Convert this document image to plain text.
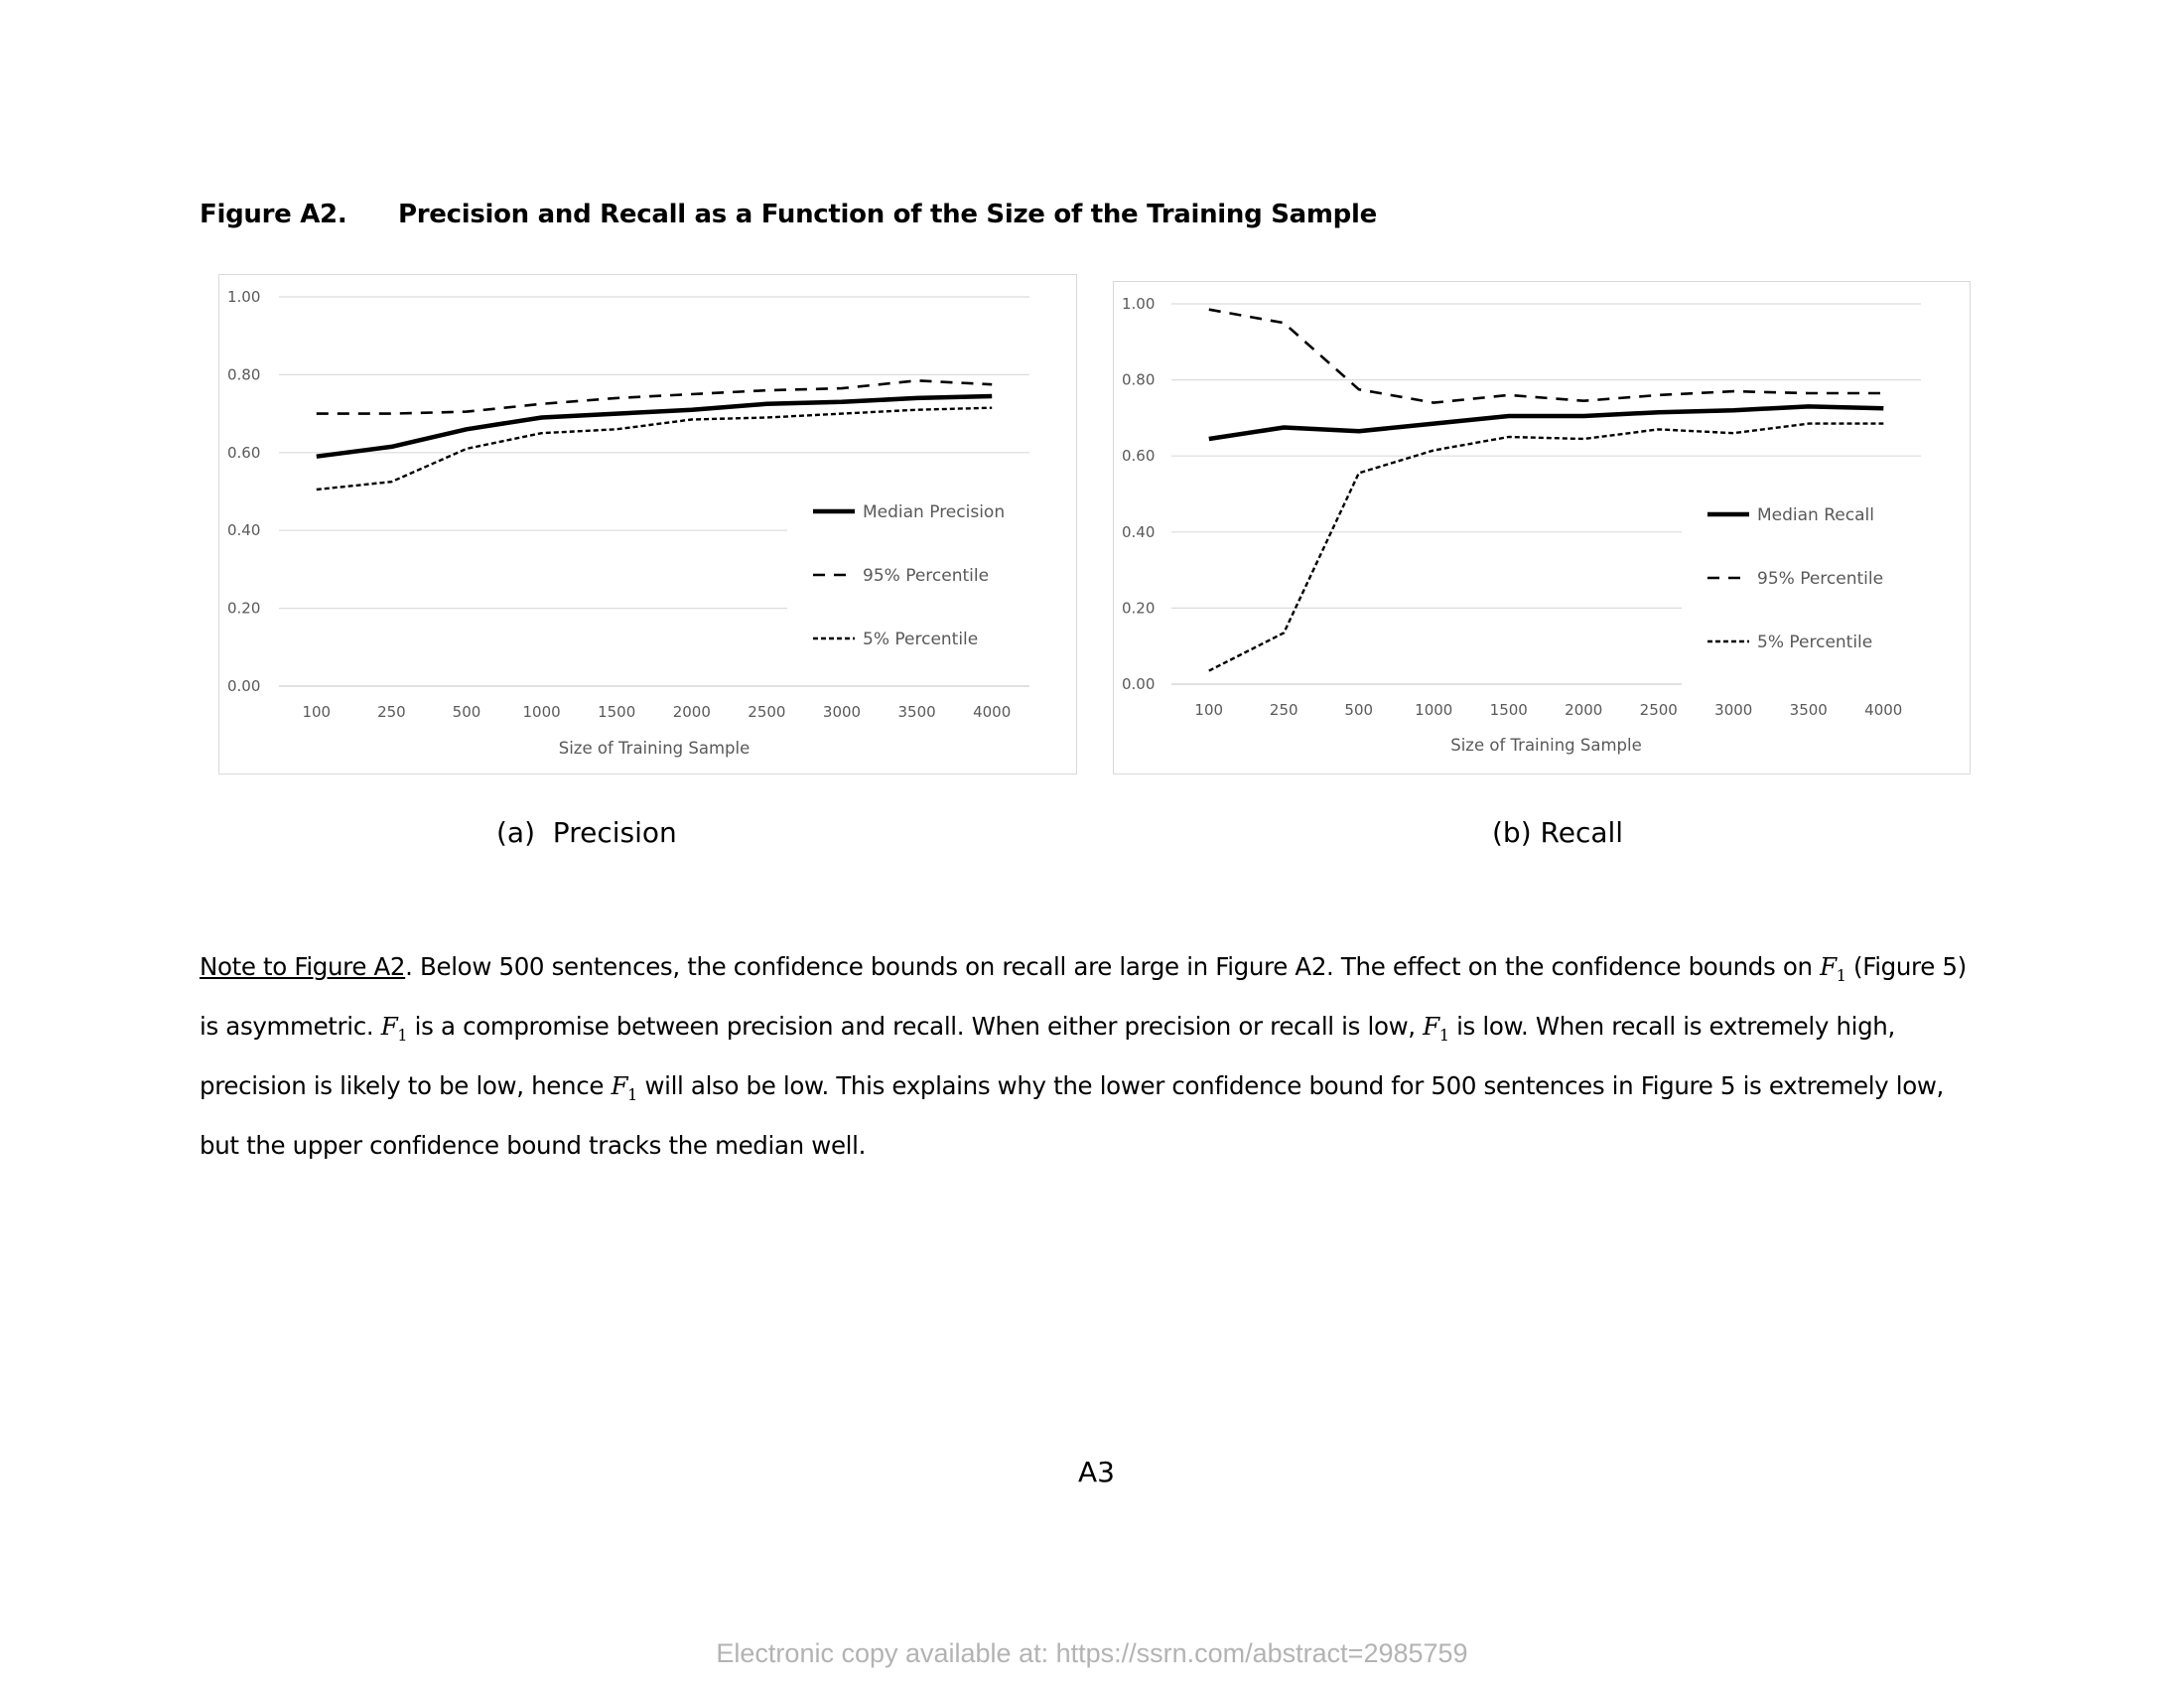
Figure A2. Precision and Recall as a Function of the Size of the Training Sample
0.00
0.20
0.40
0.60
0.80
1.00
100	250	500	1000 1500 2000 2500 3000 3500 4000
Size of Training Sample
Median Precision
95% Percentile
5% Percentile
0.00
0.20
0.40
0.60
0.80
1.00
100	250	500	1000 1500 2000 2500 3000 3500 4000
Size of Training Sample
Median Recall
95% Percentile
5% Percentile
(a)  Precision	(b) Recall
Note to Figure A2. Below 500 sentences, the confidence bounds on recall are large in Figure A2. The effect on the confidence bounds on $F_1$ (Figure 5) is asymmetric. $F_1$ is a compromise between precision and recall. When either precision or recall is low, $F_1$ is low. When recall is extremely high, precision is likely to be low, hence $F_1$ will also be low. This explains why the lower confidence bound for 500 sentences in Figure 5 is extremely low, but the upper confidence bound tracks the median well.
A3
Electronic copy available at: https://ssrn.com/abstract=2985759
